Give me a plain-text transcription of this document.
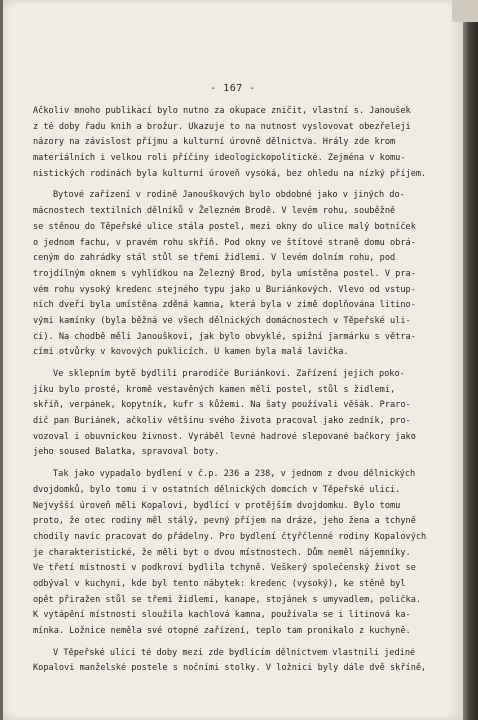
- 167 -
Ačkoliv mnoho publikací bylo nutno za okupace zničit, vlastní s. Janoušek
z té doby řadu knih a brožur. Ukazuje to na nutnost vyslovovat obezřeleji
názory na závislost příjmu a kulturní úrovně dělnictva. Hrály zde krom
materiálních i velkou roli příčiny ideologickopolitické. Zejména v komu-
nistických rodinách byla kulturní úroveň vysoká, bez ohledu na nízký příjem.
Bytové zařízení v rodině Janouškových bylo obdobné jako v jiných do-
mácnostech textilních dělníků v Železném Brodě. V levém rohu, souběžně
se stěnou do Těpeřské ulice stála postel, mezi okny do ulice malý botníček
o jednom fachu, v pravém rohu skříň. Pod okny ve štítové straně domu obrá-
ceným do zahrádky stál stůl se třemi židlemi. V levém dolním rohu, pod
trojdílným oknem s vyhlídkou na Železný Brod, byla umístěna postel. V pra-
vém rohu vysoký kredenc stejného typu jako u Buriánkových. Vlevo od vstup-
ních dveří byla umístěna zděná kamna, která byla v zimě doplňována litino-
vými kamínky (byla běžná ve všech dělnických domácnostech v Těpeřské uli-
ci). Na chodbě měli Janouškovi, jak bylo obvyklé, spižní jarmárku s větra-
cími otvůrky v kovových puklicích. U kamen byla malá lavička.
Ve sklepním bytě bydlili prarodiče Buriánkovi. Zařízení jejich poko-
jíku bylo prosté, kromě vestavěných kamen měli postel, stůl s židlemi,
skříň, verpánek, kopytník, kufr s kůžemi. Na šaty používali věšák. Praro-
dič pan Buriánek, ačkoliv většinu svého života pracoval jako zedník, pro-
vozoval i obuvnickou živnost. Vyráběl levné hadrové slepované bačkory jako
jeho soused Balatka, spravoval boty.
Tak jako vypadalo bydlení v č.p. 236 a 238, v jednom z dvou dělnických
dvojdomků, bylo tomu i v ostatních dělnických domcích v Těpeřské ulici.
Nejvyšší úroveň měli Kopalovi, bydlící v protějším dvojdomku. Bylo tomu
proto, že otec rodiny měl stálý, pevný příjem na dráze, jeho žena a tchyně
chodily navíc pracovat do přádelny. Pro bydlení čtyřčlenné rodiny Kopalových
je charakteristické, že měli byt o dvou místnostech. Dům neměl nájemníky.
Ve třetí místnosti v podkroví bydlila tchyně. Veškerý společenský život se
odbýval v kuchyni, kde byl tento nábytek: kredenc (vysoký), ke stěně byl
opět přiražen stůl se třemi židlemi, kanape, stojánek s umyvadlem, polička.
K vytápění místnosti sloužila kachlová kamna, používala se i litinová ka-
mínka. Ložnice neměla své otopné zařízení, teplo tam pronikalo z kuchyně.
V Těpeřské ulici té doby mezi zde bydlícím dělnictvem vlastnili jediné
Kopalovi manželské postele s nočními stolky. V ložnici byly dále dvě skříně,
